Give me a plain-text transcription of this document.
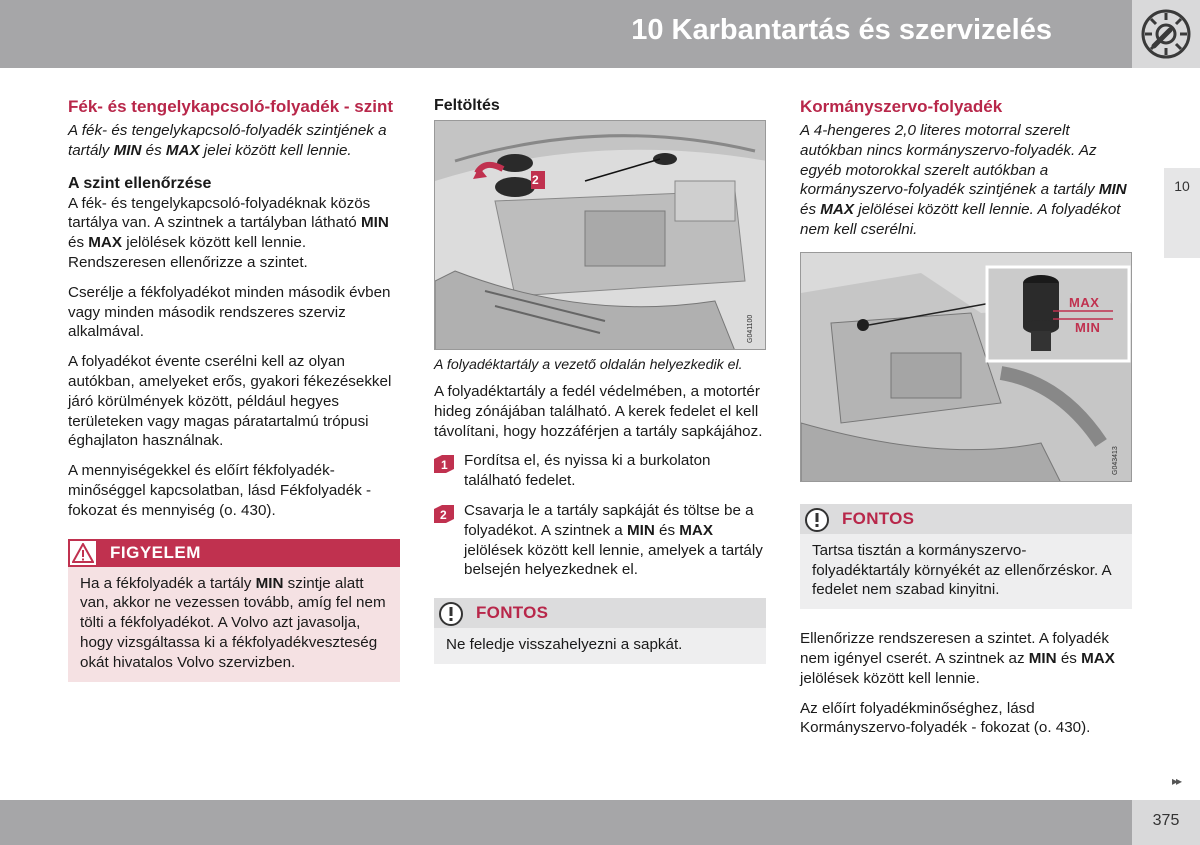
10 Karbantartás és szervizelés
10
Fék- és tengelykapcsoló-folyadék - szint
A fék- és tengelykapcsoló-folyadék szintjének a tartály MIN és MAX jelei között kell lennie.
A szint ellenőrzése
A fék- és tengelykapcsoló-folyadéknak közös tartálya van. A szintnek a tartályban látható MIN és MAX jelölések között kell lennie. Rendszeresen ellenőrizze a szintet.
Cserélje a fékfolyadékot minden második évben vagy minden második rendszeres szerviz alkalmával.
A folyadékot évente cserélni kell az olyan autókban, amelyeket erős, gyakori fékezésekkel járó körülmények között, például hegyes területeken vagy magas páratartalmú trópusi éghajlaton használnak.
A mennyiségekkel és előírt fékfolyadék-minőséggel kapcsolatban, lásd Fékfolyadék - fokozat és mennyiség (o. 430).
FIGYELEM
Ha a fékfolyadék a tartály MIN szintje alatt van, akkor ne vezessen tovább, amíg fel nem tölti a fékfolyadékot. A Volvo azt javasolja, hogy vizsgáltassa ki a fékfolyadékveszteség okát hivatalos Volvo szervizben.
Feltöltés
2
G041100
A folyadéktartály a vezető oldalán helyezkedik el.
A folyadéktartály a fedél védelmében, a motortér hideg zónájában található. A kerek fedelet el kell távolítani, hogy hozzáférjen a tartály sapkájához.
1 Fordítsa el, és nyissa ki a burkolaton található fedelet.
2 Csavarja le a tartály sapkáját és töltse be a folyadékot. A szintnek a MIN és MAX jelölések között kell lennie, amelyek a tartály belsején helyezkednek el.
FONTOS
Ne feledje visszahelyezni a sapkát.
Kormányszervo-folyadék
A 4-hengeres 2,0 literes motorral szerelt autókban nincs kormányszervo-folyadék. Az egyéb motorokkal szerelt autókban a kormányszervo-folyadék szintjének a tartály MIN és MAX jelölései között kell lennie. A folyadékot nem kell cserélni.
MAX
MIN
G043413
FONTOS
Tartsa tisztán a kormányszervo-folyadéktartály környékét az ellenőrzéskor. A fedelet nem szabad kinyitni.
Ellenőrizze rendszeresen a szintet. A folyadék nem igényel cserét. A szintnek az MIN és MAX jelölések között kell lennie.
Az előírt folyadékminőséghez, lásd Kormányszervo-folyadék - fokozat (o. 430).
▸▸
375
